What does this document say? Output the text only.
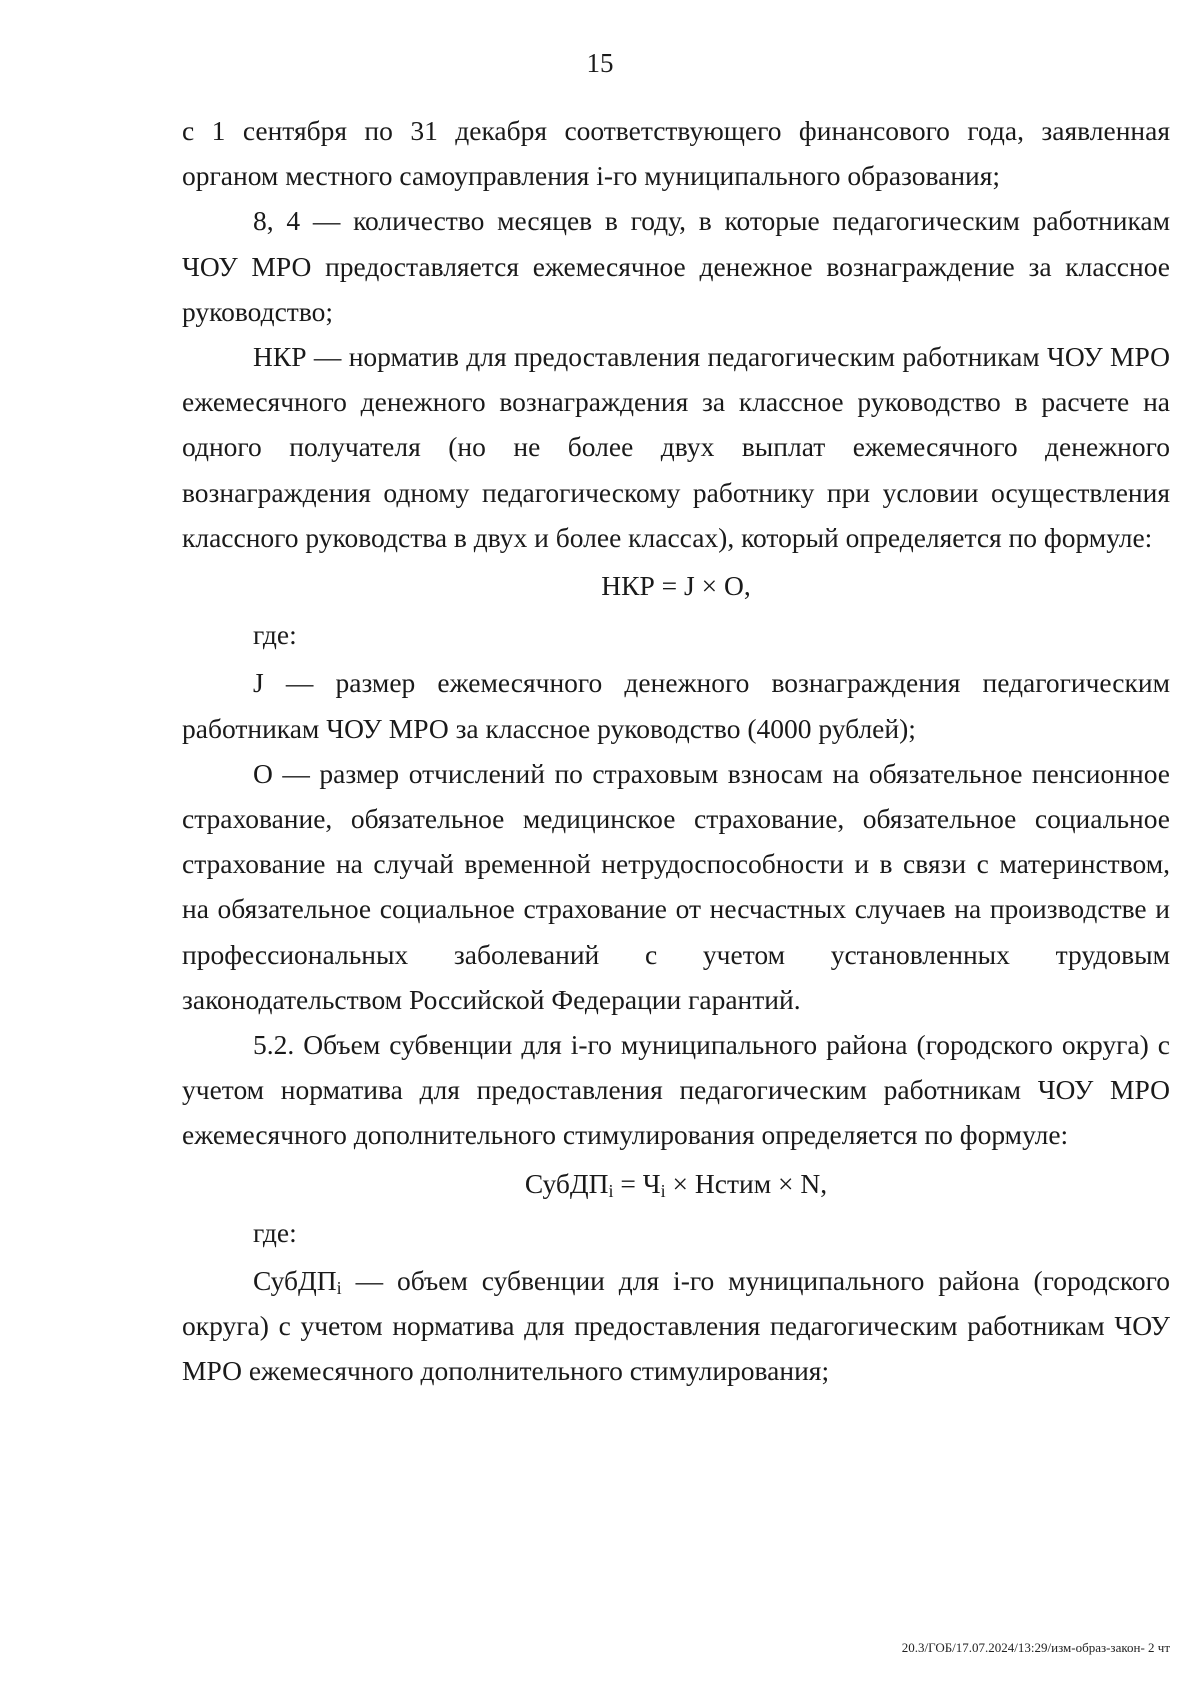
15

с 1 сентября по 31 декабря соответствующего финансового года, заявленная органом местного самоуправления i-го муниципального образования;

8, 4 — количество месяцев в году, в которые педагогическим работникам ЧОУ МРО предоставляется ежемесячное денежное вознаграждение за классное руководство;

НКР — норматив для предоставления педагогическим работникам ЧОУ МРО ежемесячного денежного вознаграждения за классное руководство в расчете на одного получателя (но не более двух выплат ежемесячного денежного вознаграждения одному педагогическому работнику при условии осуществления классного руководства в двух и более классах), который определяется по формуле:

НКР = J × O,

где:

J — размер ежемесячного денежного вознаграждения педагогическим работникам ЧОУ МРО за классное руководство (4000 рублей);

О — размер отчислений по страховым взносам на обязательное пенсионное страхование, обязательное медицинское страхование, обязательное социальное страхование на случай временной нетрудоспособности и в связи с материнством, на обязательное социальное страхование от несчастных случаев на производстве и профессиональных заболеваний с учетом установленных трудовым законодательством Российской Федерации гарантий.

5.2. Объем субвенции для i-го муниципального района (городского округа) с учетом норматива для предоставления педагогическим работникам ЧОУ МРО ежемесячного дополнительного стимулирования определяется по формуле:

СубДП$_i$ = $Ч_i$ × Нстим × N,

где:

СубДП$_i$ — объем субвенции для i-го муниципального района (городского округа) с учетом норматива для предоставления педагогическим работникам ЧОУ МРО ежемесячного дополнительного стимулирования;

20.3/ГОБ/17.07.2024/13:29/изм-образ-закон- 2 чт
